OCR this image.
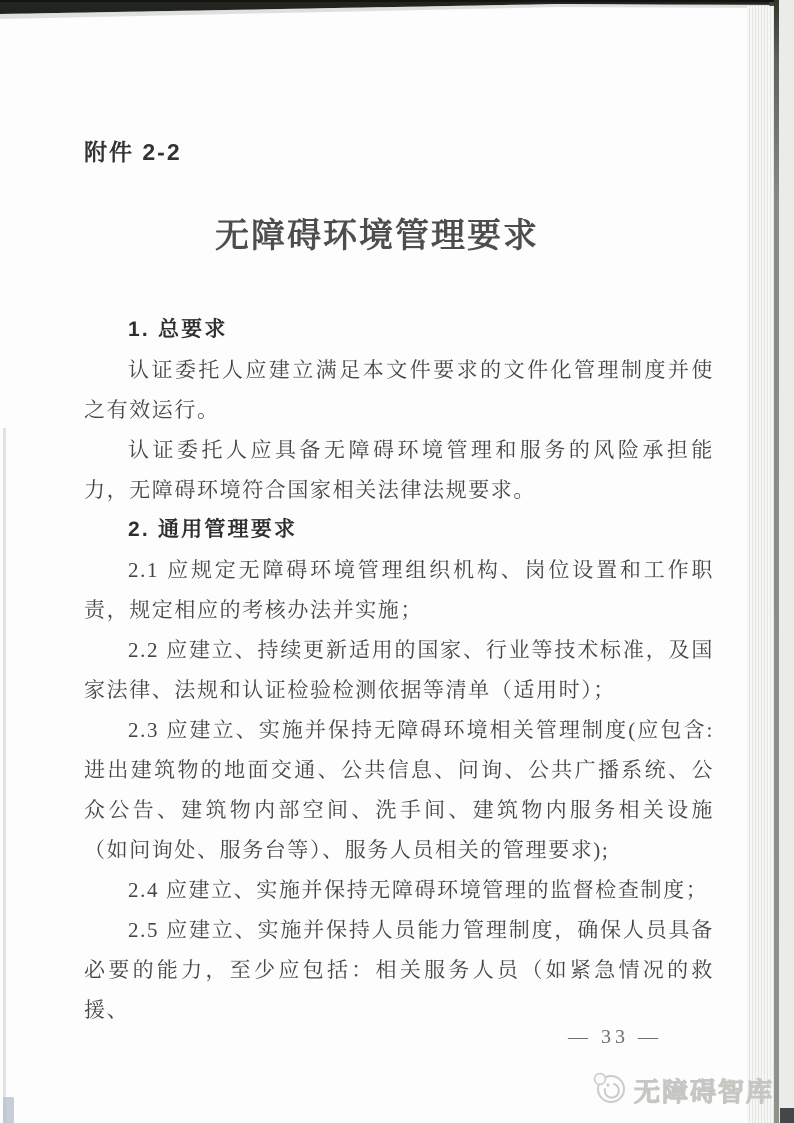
附件 2-2
无障碍环境管理要求
1. 总要求

认证委托人应建立满足本文件要求的文件化管理制度并使之有效运行。

认证委托人应具备无障碍环境管理和服务的风险承担能力，无障碍环境符合国家相关法律法规要求。

2. 通用管理要求

2.1 应规定无障碍环境管理组织机构、岗位设置和工作职责，规定相应的考核办法并实施；

2.2 应建立、持续更新适用的国家、行业等技术标准，及国家法律、法规和认证检验检测依据等清单（适用时）；

2.3 应建立、实施并保持无障碍环境相关管理制度(应包含:进出建筑物的地面交通、公共信息、问询、公共广播系统、公众公告、建筑物内部空间、洗手间、建筑物内服务相关设施（如问询处、服务台等）、服务人员相关的管理要求);

2.4 应建立、实施并保持无障碍环境管理的监督检查制度；

2.5 应建立、实施并保持人员能力管理制度，确保人员具备必要的能力，至少应包括：相关服务人员（如紧急情况的救援、

— 33 —
无障碍智库
